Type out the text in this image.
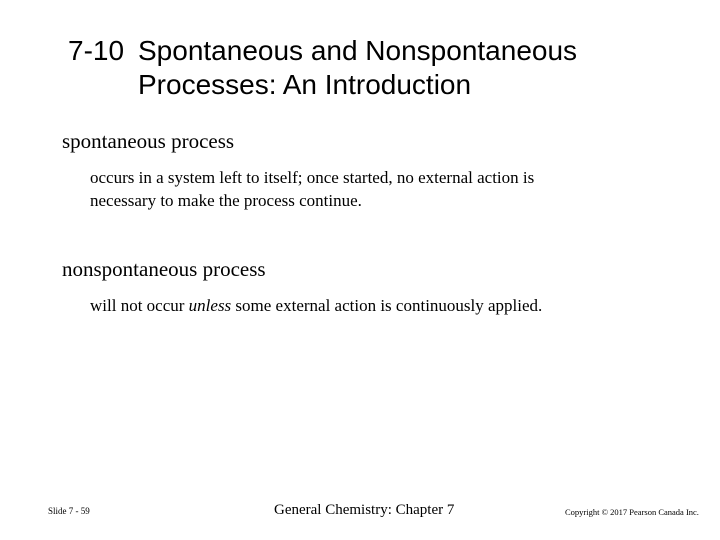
7-10 Spontaneous and Nonspontaneous
Processes: An Introduction
spontaneous process
occurs in a system left to itself; once started, no external action is
necessary to make the process continue.
nonspontaneous process
will not occur unless some external action is continuously applied.
Slide 7 - 59	General Chemistry: Chapter 7	Copyright © 2017 Pearson Canada Inc.
